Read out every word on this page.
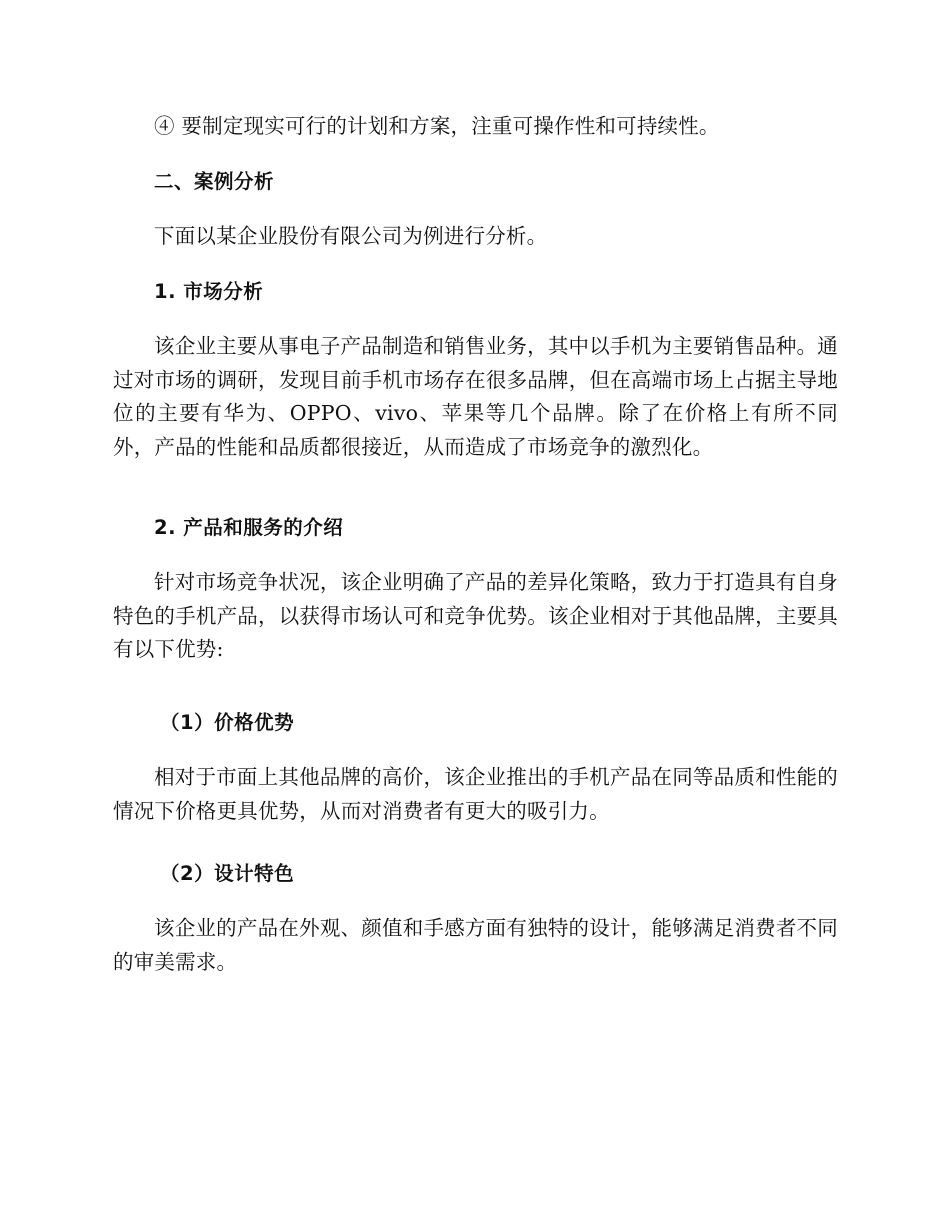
④ 要制定现实可行的计划和方案，注重可操作性和可持续性。

二、案例分析

下面以某企业股份有限公司为例进行分析。

1. 市场分析

该企业主要从事电子产品制造和销售业务，其中以手机为主要销售品种。通过对市场的调研，发现目前手机市场存在很多品牌，但在高端市场上占据主导地位的主要有华为、OPPO、vivo、苹果等几个品牌。除了在价格上有所不同外，产品的性能和品质都很接近，从而造成了市场竞争的激烈化。

2. 产品和服务的介绍

针对市场竞争状况，该企业明确了产品的差异化策略，致力于打造具有自身特色的手机产品，以获得市场认可和竞争优势。该企业相对于其他品牌，主要具有以下优势:

（1）价格优势

相对于市面上其他品牌的高价，该企业推出的手机产品在同等品质和性能的情况下价格更具优势，从而对消费者有更大的吸引力。

（2）设计特色

该企业的产品在外观、颜值和手感方面有独特的设计，能够满足消费者不同的审美需求。
